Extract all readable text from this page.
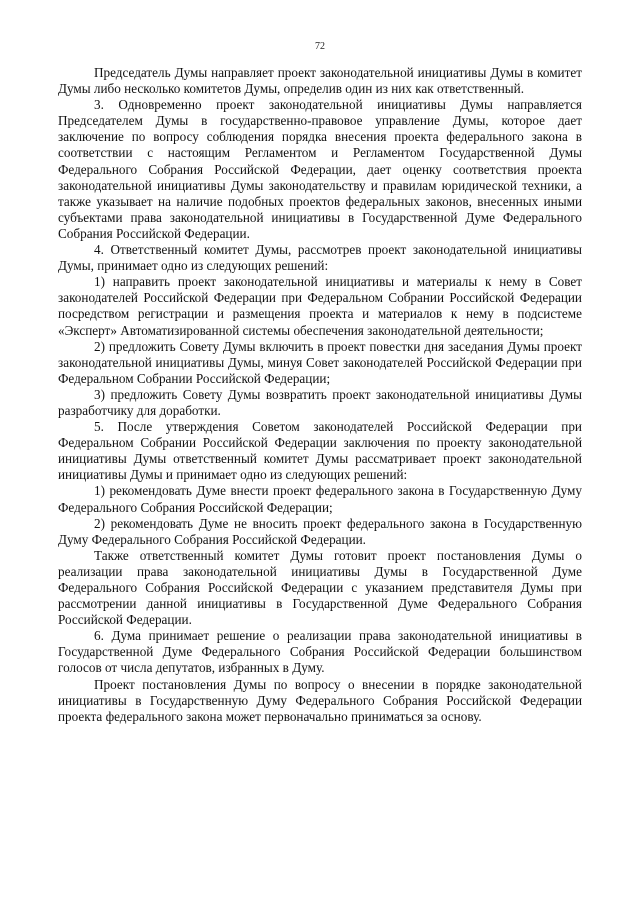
72

Председатель Думы направляет проект законодательной инициативы Думы в комитет Думы либо несколько комитетов Думы, определив один из них как ответственный.

3. Одновременно проект законодательной инициативы Думы направляется Председателем Думы в государственно-правовое управление Думы, которое дает заключение по вопросу соблюдения порядка внесения проекта федерального закона в соответствии с настоящим Регламентом и Регламентом Государственной Думы Федерального Собрания Российской Федерации, дает оценку соответствия проекта законодательной инициативы Думы законодательству и правилам юридической техники, а также указывает на наличие подобных проектов федеральных законов, внесенных иными субъектами права законодательной инициативы в Государственной Думе Федерального Собрания Российской Федерации.

4. Ответственный комитет Думы, рассмотрев проект законодательной инициативы Думы, принимает одно из следующих решений:

1) направить проект законодательной инициативы и материалы к нему в Совет законодателей Российской Федерации при Федеральном Собрании Российской Федерации посредством регистрации и размещения проекта и материалов к нему в подсистеме «Эксперт» Автоматизированной системы обеспечения законодательной деятельности;

2) предложить Совету Думы включить в проект повестки дня заседания Думы проект законодательной инициативы Думы, минуя Совет законодателей Российской Федерации при Федеральном Собрании Российской Федерации;

3) предложить Совету Думы возвратить проект законодательной инициативы Думы разработчику для доработки.

5. После утверждения Советом законодателей Российской Федерации при Федеральном Собрании Российской Федерации заключения по проекту законодательной инициативы Думы ответственный комитет Думы рассматривает проект законодательной инициативы Думы и принимает одно из следующих решений:

1) рекомендовать Думе внести проект федерального закона в Государственную Думу Федерального Собрания Российской Федерации;

2) рекомендовать Думе не вносить проект федерального закона в Государственную Думу Федерального Собрания Российской Федерации.

Также ответственный комитет Думы готовит проект постановления Думы о реализации права законодательной инициативы Думы в Государственной Думе Федерального Собрания Российской Федерации с указанием представителя Думы при рассмотрении данной инициативы в Государственной Думе Федерального Собрания Российской Федерации.

6. Дума принимает решение о реализации права законодательной инициативы в Государственной Думе Федерального Собрания Российской Федерации большинством голосов от числа депутатов, избранных в Думу.

Проект постановления Думы по вопросу о внесении в порядке законодательной инициативы в Государственную Думу Федерального Собрания Российской Федерации проекта федерального закона может первоначально приниматься за основу.
